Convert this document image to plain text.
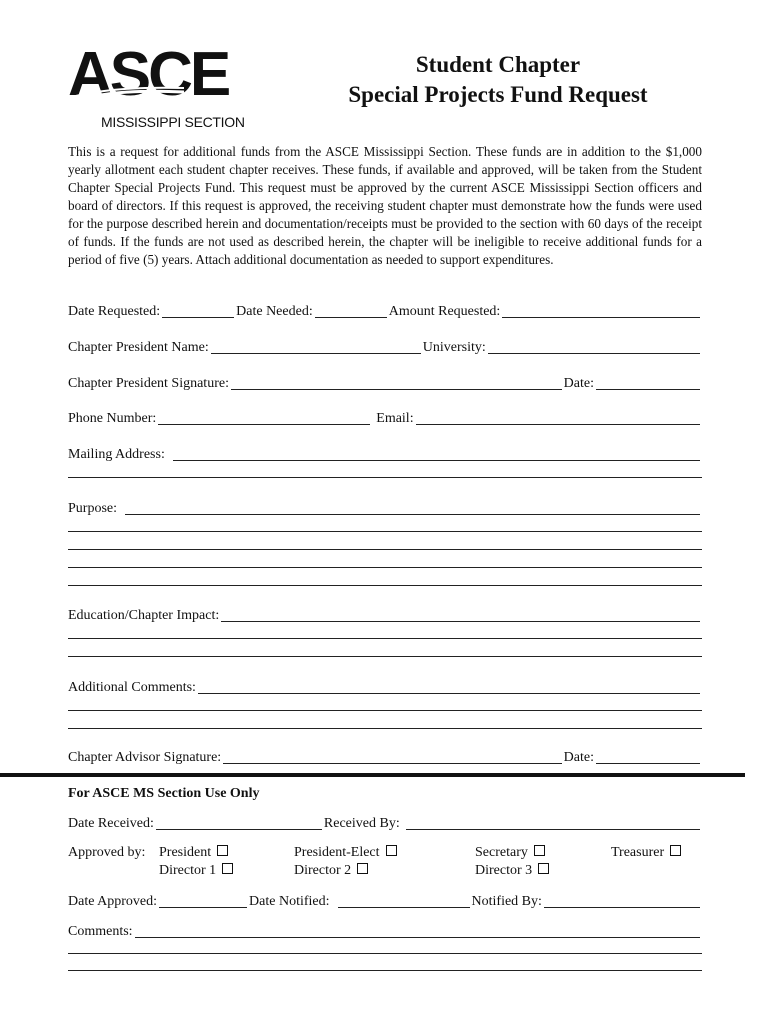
ASCE
MISSISSIPPI SECTION
Student Chapter
Special Projects Fund Request
This is a request for additional funds from the ASCE Mississippi Section. These funds are in addition to the $1,000 yearly allotment each student chapter receives. These funds, if available and approved, will be taken from the Student Chapter Special Projects Fund. This request must be approved by the current ASCE Mississippi Section officers and board of directors. If this request is approved, the receiving student chapter must demonstrate how the funds were used for the purpose described herein and documentation/receipts must be provided to the section with 60 days of the receipt of funds. If the funds are not used as described herein, the chapter will be ineligible to receive additional funds for a period of five (5) years. Attach additional documentation as needed to support expenditures.
Date Requested:	Date Needed:	Amount Requested:
Chapter President Name:	University:
Chapter President Signature:	Date:
Phone Number:	Email:
Mailing Address:
Purpose:
Education/Chapter Impact:
Additional Comments:
Chapter Advisor Signature:	Date:
For ASCE MS Section Use Only
Date Received:	Received By:
Approved by: President	President-Elect	Secretary	Treasurer
Director 1	Director 2	Director 3
Date Approved:	Date Notified:	Notified By:
Comments:
